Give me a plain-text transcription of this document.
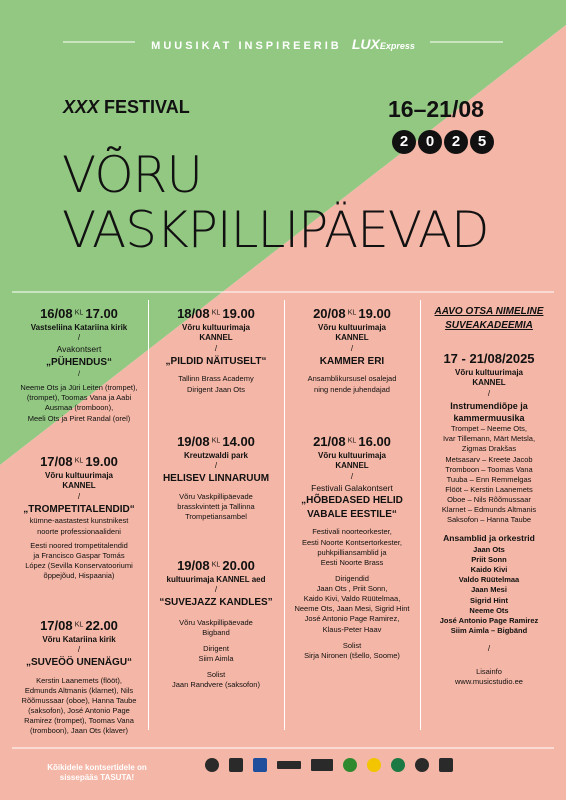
MUUSIKAT INSPIREERIB LUXExpress
XXX FESTIVAL	16–21/08
2	0	2	5
VÕRU
VASKPILLIPÄEVAD
16/08 KL 17.00
Vastseliina Katariina kirik
/
Avakontsert
„PÜHENDUS“
/
Neeme Ots ja Jüri Leiten (trompet),
(trompet), Toomas Vana ja Aabi
Ausmaa (tromboon),
Meeli Ots ja Piret Randal (orel)
17/08 KL 19.00
Võru kultuurimaja
KANNEL
/
„TROMPETITALENDID“
kümne-aastastest kunstnikest
noorte professionaalideni
Eesti noored trompetitalendid
ja Francisco Gaspar Tomás
López (Sevilla Konservatooriumi
õppejõud, Hispaania)
17/08 KL 22.00
Võru Katariina kirik
/
„SUVEÖÖ UNENÄGU“
Kerstin Laanemets (flööt),
Edmunds Altmanis (klarnet), Nils
Rõõmussaar (oboe), Hanna Taube
(saksofon), José Antonio Page
Ramirez (trompet), Toomas Vana
(tromboon), Jaan Ots (klaver)
18/08 KL 19.00
Võru kultuurimaja
KANNEL
/
„PILDID NÄITUSELT“
Tallinn Brass Academy
Dirigent Jaan Ots
19/08 KL 14.00
Kreutzwaldi park
/
HELISEV LINNARUUM
Võru Vaskpillipäevade
brasskvintett ja Tallinna
Trompetiansambel
19/08 KL 20.00
kultuurimaja KANNEL aed
/
“SUVEJAZZ KANDLES”
Võru Vaskpillipäevade
Bigband
Dirigent
Siim Aimla
Solist
Jaan Randvere (saksofon)
20/08 KL 19.00
Võru kultuurimaja
KANNEL
/
KAMMER ERI
Ansamblikursusel osalejad
ning nende juhendajad
21/08 KL 16.00
Võru kultuurimaja
KANNEL
/
Festivali Galakontsert
„HÕBEDASED HELID
VABALE EESTILE“
Festivali noorteorkester,
Eesti Noorte Kontsertorkester,
puhkpilliansamblid ja
Eesti Noorte Brass
Dirigendid
Jaan Ots , Priit Sonn,
Kaido Kivi, Valdo Rüütelmaa,
Neeme Ots, Jaan Mesi, Sigrid Hint
José Antonio Page Ramirez,
Klaus-Peter Haav
Solist
Sirja Nironen (tšello, Soome)
AAVO OTSA NIMELINE
SUVEAKADEEMIA
17 - 21/08/2025
Võru kultuurimaja
KANNEL
/
Instrumendiõpe ja
kammermuusika
Trompet – Neeme Ots,
Ivar Tillemann, Märt Metsla,
Zigmas Drakšas
Metsasarv – Kreete Jacob
Tromboon – Toomas Vana
Tuuba – Enn Remmelgas
Flööt – Kerstin Laanemets
Oboe – Nils Rõõmussaar
Klarnet – Edmunds Altmanis
Saksofon – Hanna Taube
Ansamblid ja orkestrid
Jaan Ots
Priit Sonn
Kaido Kivi
Valdo Rüütelmaa
Jaan Mesi
Sigrid Hint
Neeme Ots
José Antonio Page Ramirez
Siim Aimla – Bigbänd
/
Lisainfo
www.musicstudio.ee
Kõikidele kontsertidele on
sissepääs TASUTA!
